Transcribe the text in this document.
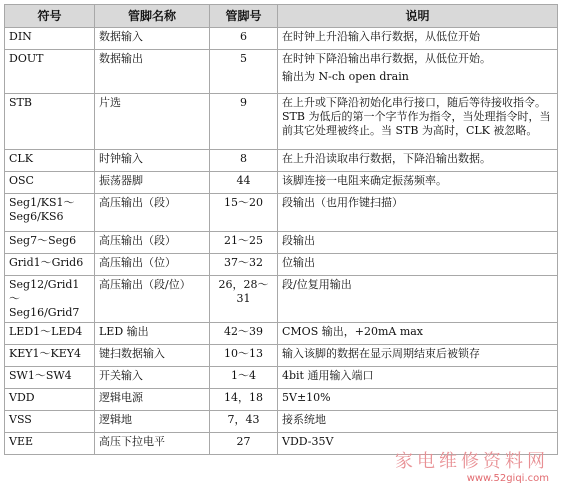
符号	管脚名称	管脚号	说明
DIN	数据输入	6	在时钟上升沿输入串行数据，从低位开始

DOUT	数据输出	5	在时钟下降沿输出串行数据，从低位开始。
输出为 N-ch open drain

STB	片选	9	在上升或下降沿初始化串行接口，随后等待接收指令。STB 为低后的第一个字节作为指令，当处理指令时，当前其它处理被终止。当 STB 为高时，CLK 被忽略。

CLK	时钟输入	8	在上升沿读取串行数据，下降沿输出数据。

OSC	振荡器脚	44	该脚连接一电阻来确定振荡频率。

Seg1/KS1～Seg6/KS6	高压输出（段）	15～20	段输出（也用作键扫描）

Seg7～Seg6	高压输出（段）	21～25	段输出

Grid1～Grid6	高压输出（位）	37～32	位输出

Seg12/Grid1～Seg16/Grid7	高压输出（段/位）	26，28～31	段/位复用输出

LED1～LED4	LED 输出	42～39	CMOS 输出，+20mA max

KEY1～KEY4	键扫数据输入	10～13	输入该脚的数据在显示周期结束后被锁存

SW1～SW4	开关输入	1～4	4bit 通用输入端口

VDD	逻辑电源	14，18	5V±10%

VSS	逻辑地	7，43	接系统地

VEE	高压下拉电平	27	VDD-35V
家电维修资料网
www.52giqi.com
